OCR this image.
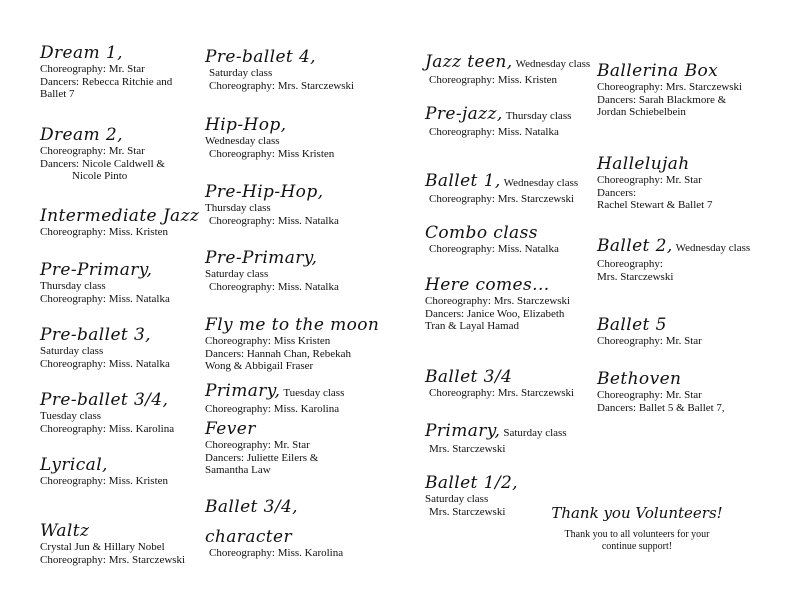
Dream 1,
Choreography: Mr. Star
Dancers: Rebecca Ritchie and
Ballet 7
Dream 2,
Choreography: Mr. Star
Dancers: Nicole Caldwell &
Nicole Pinto
Intermediate Jazz
Choreography: Miss. Kristen
Pre-Primary,
Thursday class
Choreography: Miss. Natalka
Pre-ballet 3,
Saturday class
Choreography: Miss. Natalka
Pre-ballet 3/4,
Tuesday class
Choreography: Miss. Karolina
Lyrical,
Choreography: Miss. Kristen
Waltz
Crystal Jun & Hillary Nobel
Choreography: Mrs. Starczewski
Pre-ballet 4,
Saturday class
Choreography: Mrs. Starczewski
Hip-Hop,
Wednesday class
Choreography: Miss Kristen
Pre-Hip-Hop,
Thursday class
Choreography: Miss. Natalka
Pre-Primary,
Saturday class
Choreography: Miss. Natalka
Fly me to the moon
Choreography: Miss Kristen
Dancers: Hannah Chan, Rebekah
Wong & Abbigail Fraser
Primary, Tuesday class
Choreography: Miss. Karolina
Fever
Choreography: Mr. Star
Dancers: Juliette Eilers &
Samantha Law
Ballet 3/4,
character
Choreography: Miss. Karolina
Jazz teen, Wednesday class
Choreography: Miss. Kristen
Pre-jazz, Thursday class
Choreography: Miss. Natalka
Ballet 1, Wednesday class
Choreography: Mrs. Starczewski
Combo class
Choreography: Miss. Natalka
Here comes...
Choreography: Mrs. Starczewski
Dancers: Janice Woo, Elizabeth
Tran & Layal Hamad
Ballet 3/4
Choreography: Mrs. Starczewski
Primary, Saturday class
Mrs. Starczewski
Ballet 1/2,
Saturday class
Mrs. Starczewski
Ballerina Box
Choreography: Mrs. Starczewski
Dancers: Sarah Blackmore &
Jordan Schiebelbein
Hallelujah
Choreography: Mr. Star
Dancers:
Rachel Stewart & Ballet 7
Ballet 2, Wednesday class
Choreography:
Mrs. Starczewski
Ballet 5
Choreography: Mr. Star
Bethoven
Choreography: Mr. Star
Dancers: Ballet 5 & Ballet 7,
Thank you Volunteers!
Thank you to all volunteers for your
continue support!
